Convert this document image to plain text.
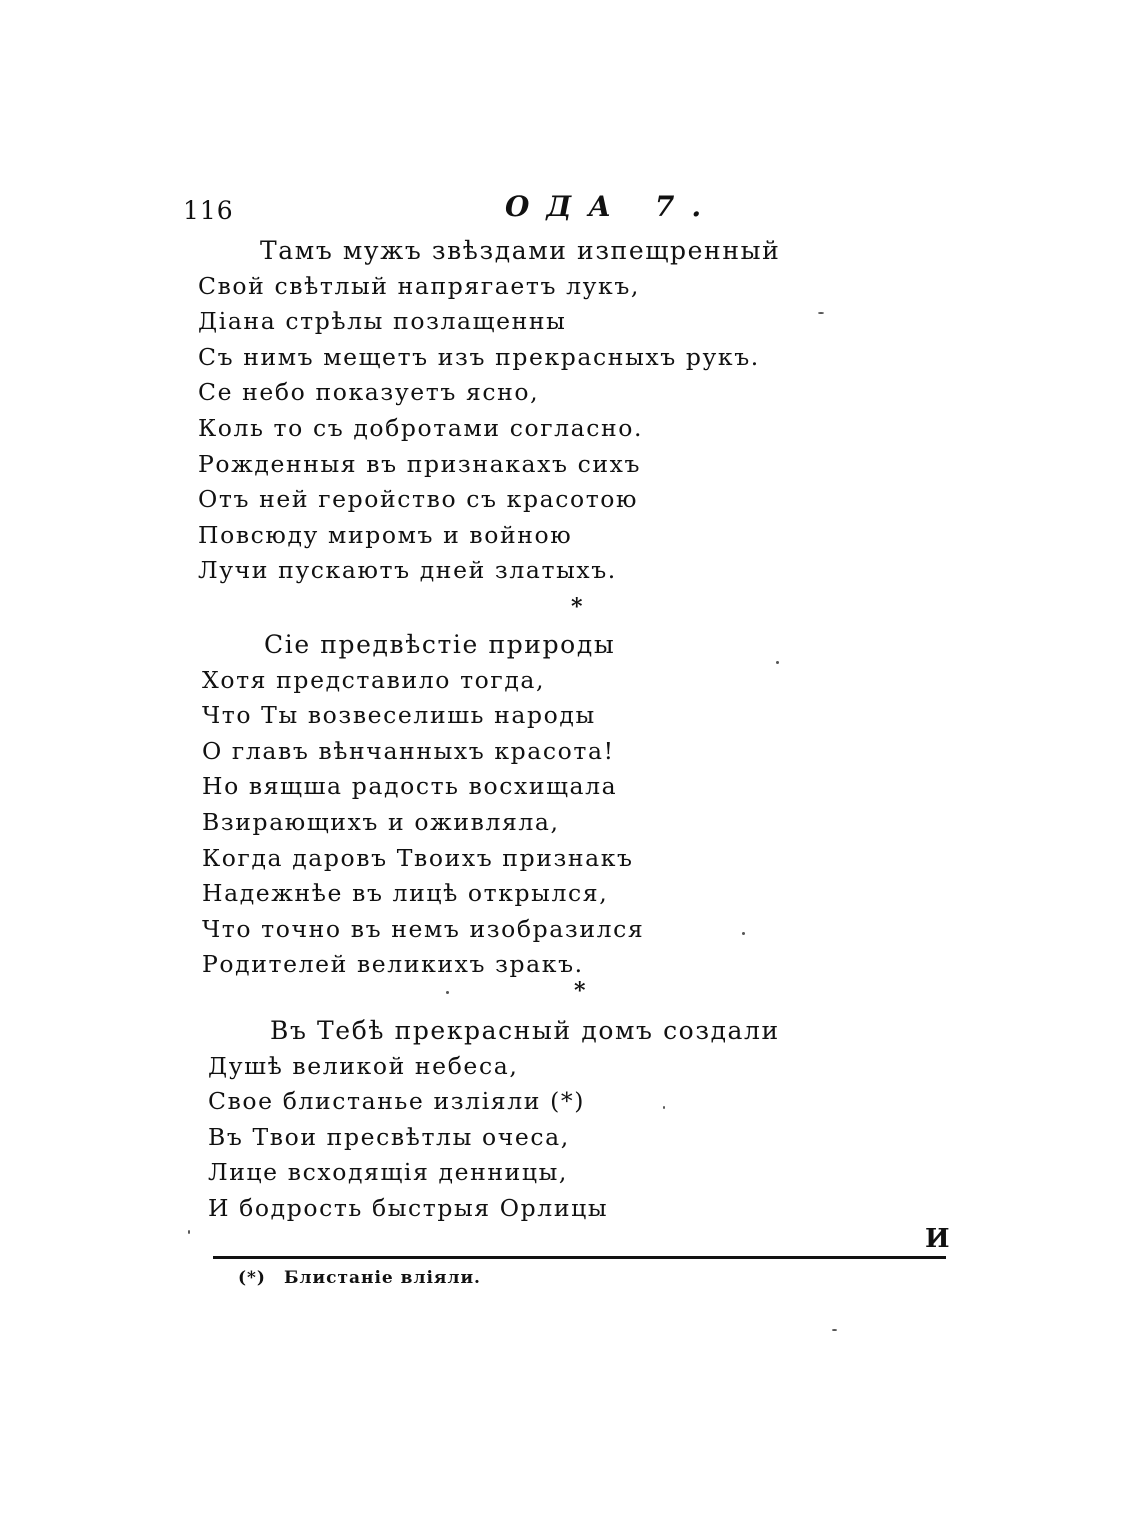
116	ОДА 7.
Тамъ мужъ звѣздами изпещренный
Свой свѣтлый напрягаетъ лукъ,
Дiана стрѣлы позлащенны
Съ нимъ мещетъ изъ прекрасныхъ рукъ.
Се небо показуетъ ясно,
Коль то съ добротами согласно.
Рожденныя въ признакахъ сихъ
Отъ ней геройство съ красотою
Повсюду миромъ и войною
Лучи пускаютъ дней златыхъ.
*
Сiе предвѣстiе природы
Хотя представило тогда,
Что Ты возвеселишь народы
О главъ вѣнчанныхъ красота!
Но вящша радость восхищала
Взирающихъ и оживляла,
Когда даровъ Твоихъ признакъ
Надежнѣе въ лицѣ открылся,
Что точно въ немъ изобразился
Родителей великихъ зракъ.
*
Въ Тебѣ прекрасный домъ создали
Душѣ великой небеса,
Свое блистанье излiяли (*)
Въ Твои пресвѣтлы очеса,
Лице всходящiя денницы,
И бодрость быстрыя Орлицы
И
(*) Блистанiе влiяли.
